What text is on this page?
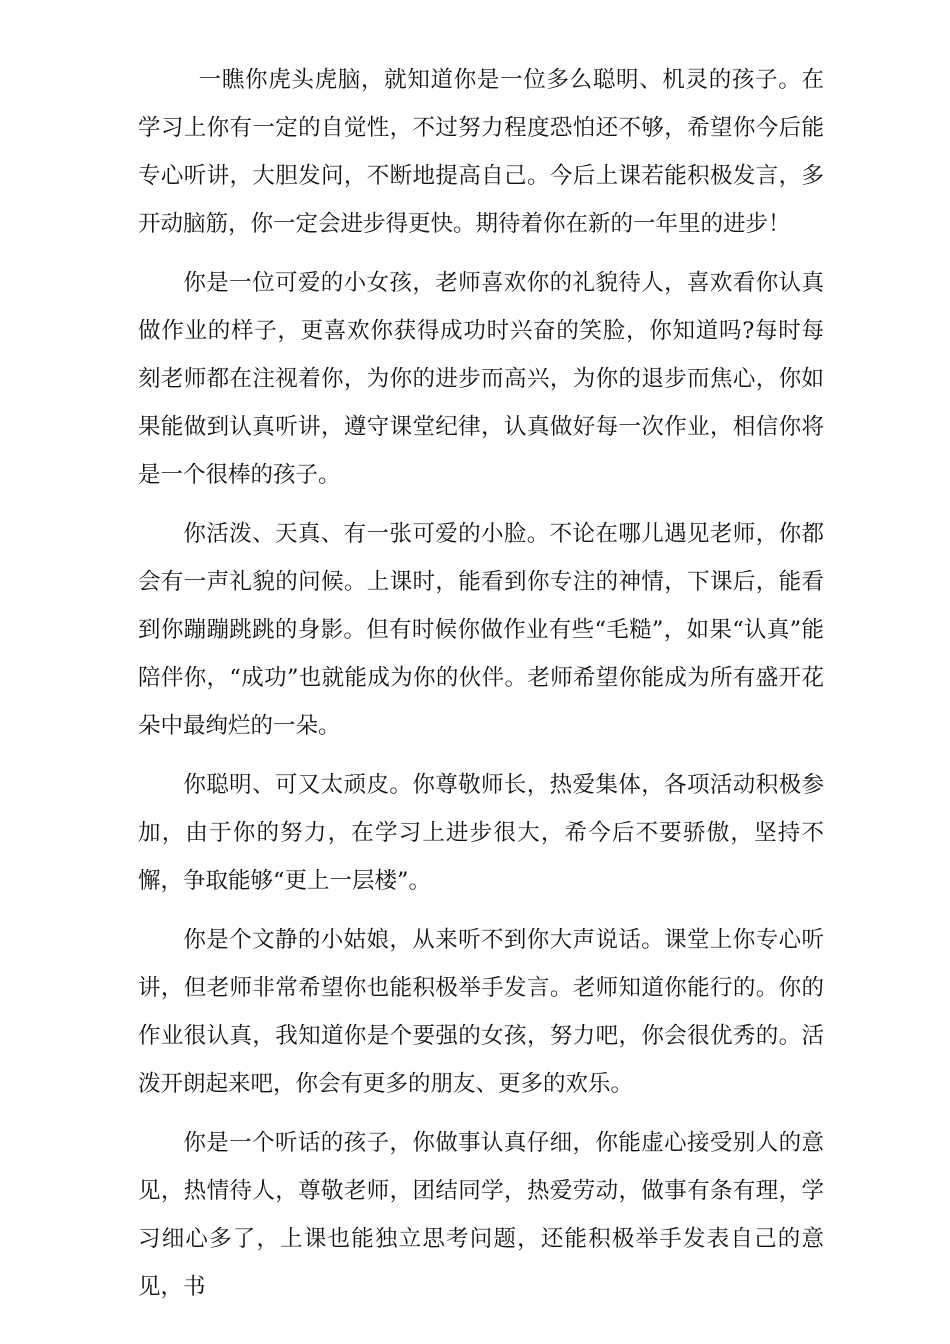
一瞧你虎头虎脑，就知道你是一位多么聪明、机灵的孩子。在学习上你有一定的自觉性，不过努力程度恐怕还不够，希望你今后能专心听讲，大胆发问，不断地提高自己。今后上课若能积极发言，多开动脑筋，你一定会进步得更快。期待着你在新的一年里的进步！

你是一位可爱的小女孩，老师喜欢你的礼貌待人，喜欢看你认真做作业的样子，更喜欢你获得成功时兴奋的笑脸，你知道吗?每时每刻老师都在注视着你，为你的进步而高兴，为你的退步而焦心，你如果能做到认真听讲，遵守课堂纪律，认真做好每一次作业，相信你将是一个很棒的孩子。

你活泼、天真、有一张可爱的小脸。不论在哪儿遇见老师，你都会有一声礼貌的问候。上课时，能看到你专注的神情，下课后，能看到你蹦蹦跳跳的身影。但有时候你做作业有些“毛糙”，如果“认真”能陪伴你，“成功”也就能成为你的伙伴。老师希望你能成为所有盛开花朵中最绚烂的一朵。

你聪明、可又太顽皮。你尊敬师长，热爱集体，各项活动积极参加，由于你的努力，在学习上进步很大，希今后不要骄傲，坚持不懈，争取能够“更上一层楼”。

你是个文静的小姑娘，从来听不到你大声说话。课堂上你专心听讲，但老师非常希望你也能积极举手发言。老师知道你能行的。你的作业很认真，我知道你是个要强的女孩，努力吧，你会很优秀的。活泼开朗起来吧，你会有更多的朋友、更多的欢乐。

你是一个听话的孩子，你做事认真仔细，你能虚心接受别人的意见，热情待人，尊敬老师，团结同学，热爱劳动，做事有条有理，学习细心多了，上课也能独立思考问题，还能积极举手发表自己的意见，书
